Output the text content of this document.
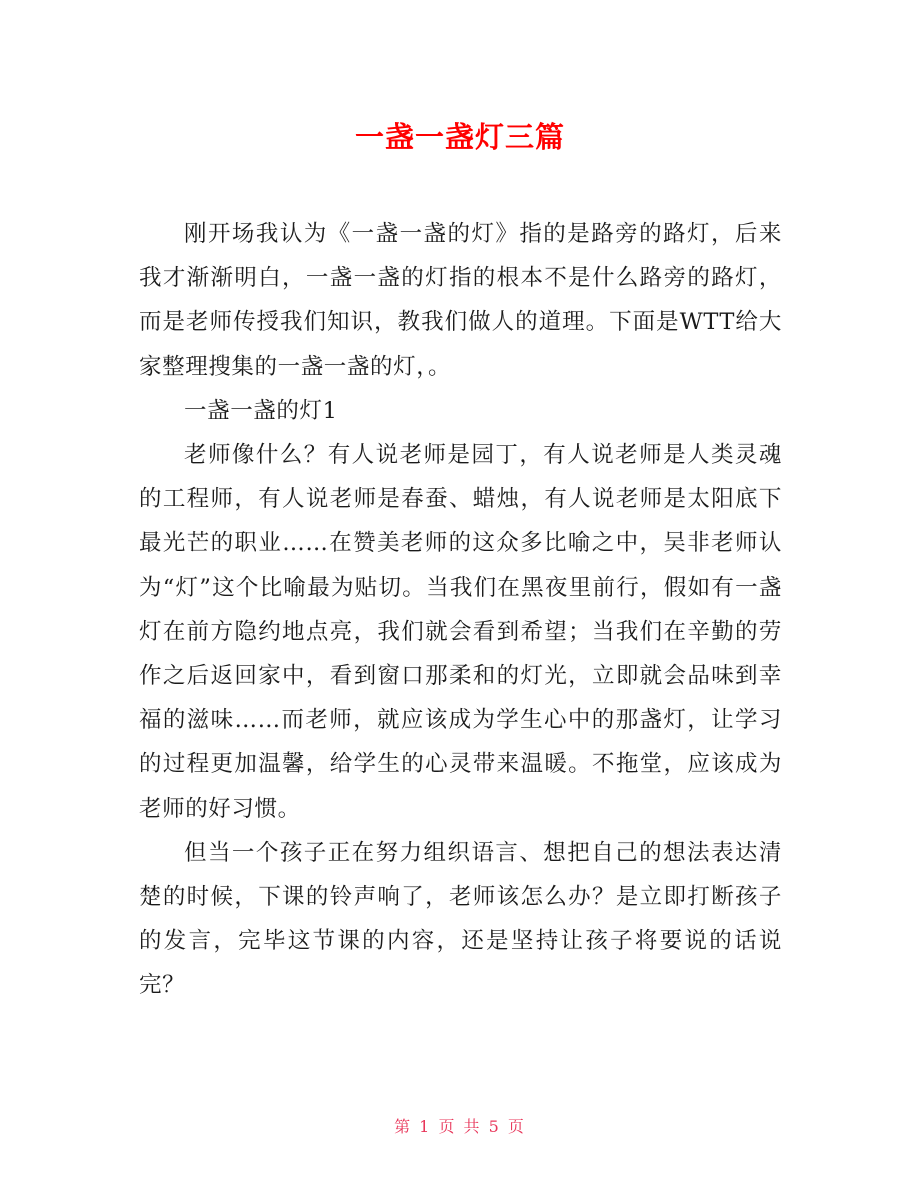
一盏一盏灯三篇

刚开场我认为《一盏一盏的灯》指的是路旁的路灯，后来我才渐渐明白，一盏一盏的灯指的根本不是什么路旁的路灯，而是老师传授我们知识，教我们做人的道理。下面是WTT给大家整理搜集的一盏一盏的灯，。

一盏一盏的灯1

老师像什么？有人说老师是园丁，有人说老师是人类灵魂的工程师，有人说老师是春蚕、蜡烛，有人说老师是太阳底下最光芒的职业……在赞美老师的这众多比喻之中，吴非老师认为“灯”这个比喻最为贴切。当我们在黑夜里前行，假如有一盏灯在前方隐约地点亮，我们就会看到希望；当我们在辛勤的劳作之后返回家中，看到窗口那柔和的灯光，立即就会品味到幸福的滋味……而老师，就应该成为学生心中的那盏灯，让学习的过程更加温馨，给学生的心灵带来温暖。不拖堂，应该成为老师的好习惯。

但当一个孩子正在努力组织语言、想把自己的想法表达清楚的时候，下课的铃声响了，老师该怎么办？是立即打断孩子的发言，完毕这节课的内容，还是坚持让孩子将要说的话说完？

第 1 页 共 5 页
